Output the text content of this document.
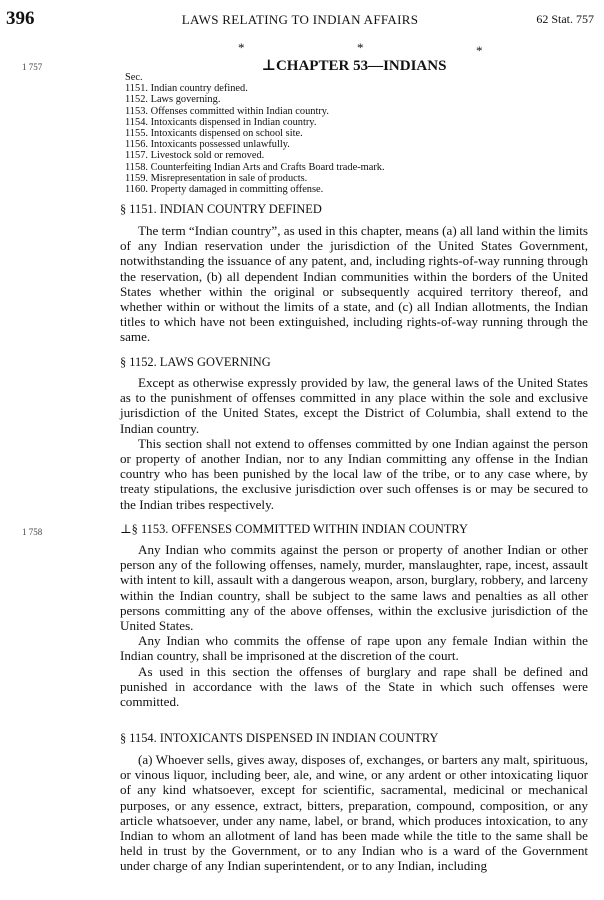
396	LAWS RELATING TO INDIAN AFFAIRS	62 Stat. 757
*	*	*
1 757	⊥CHAPTER 53—INDIANS
Sec.
1151. Indian country defined.
1152. Laws governing.
1153. Offenses committed within Indian country.
1154. Intoxicants dispensed in Indian country.
1155. Intoxicants dispensed on school site.
1156. Intoxicants possessed unlawfully.
1157. Livestock sold or removed.
1158. Counterfeiting Indian Arts and Crafts Board trade-mark.
1159. Misrepresentation in sale of products.
1160. Property damaged in committing offense.
§ 1151. INDIAN COUNTRY DEFINED

The term “Indian country”, as used in this chapter, means (a) all land within the limits of any Indian reservation under the jurisdiction of the United States Government, notwithstanding the issuance of any patent, and, including rights-of-way running through the reservation, (b) all dependent Indian communities within the borders of the United States whether within the original or subsequently acquired territory thereof, and whether within or without the limits of a state, and (c) all Indian allotments, the Indian titles to which have not been extinguished, including rights-of-way running through the same.

§ 1152. LAWS GOVERNING

Except as otherwise expressly provided by law, the general laws of the United States as to the punishment of offenses committed in any place within the sole and exclusive jurisdiction of the United States, except the District of Columbia, shall extend to the Indian country.

This section shall not extend to offenses committed by one Indian against the person or property of another Indian, nor to any Indian committing any offense in the Indian country who has been punished by the local law of the tribe, or to any case where, by treaty stipulations, the exclusive jurisdiction over such offenses is or may be secured to the Indian tribes respectively.

1 758	⊥§ 1153. OFFENSES COMMITTED WITHIN INDIAN COUNTRY

Any Indian who commits against the person or property of another Indian or other person any of the following offenses, namely, murder, manslaughter, rape, incest, assault with intent to kill, assault with a dangerous weapon, arson, burglary, robbery, and larceny within the Indian country, shall be subject to the same laws and penalties as all other persons committing any of the above offenses, within the exclusive jurisdiction of the United States.

Any Indian who commits the offense of rape upon any female Indian within the Indian country, shall be imprisoned at the discretion of the court.

As used in this section the offenses of burglary and rape shall be defined and punished in accordance with the laws of the State in which such offenses were committed.

§ 1154. INTOXICANTS DISPENSED IN INDIAN COUNTRY

(a) Whoever sells, gives away, disposes of, exchanges, or barters any malt, spirituous, or vinous liquor, including beer, ale, and wine, or any ardent or other intoxicating liquor of any kind whatsoever, except for scientific, sacramental, medicinal or mechanical purposes, or any essence, extract, bitters, preparation, compound, composition, or any article whatsoever, under any name, label, or brand, which produces intoxication, to any Indian to whom an allotment of land has been made while the title to the same shall be held in trust by the Government, or to any Indian who is a ward of the Government under charge of any Indian superintendent, or to any Indian, including
